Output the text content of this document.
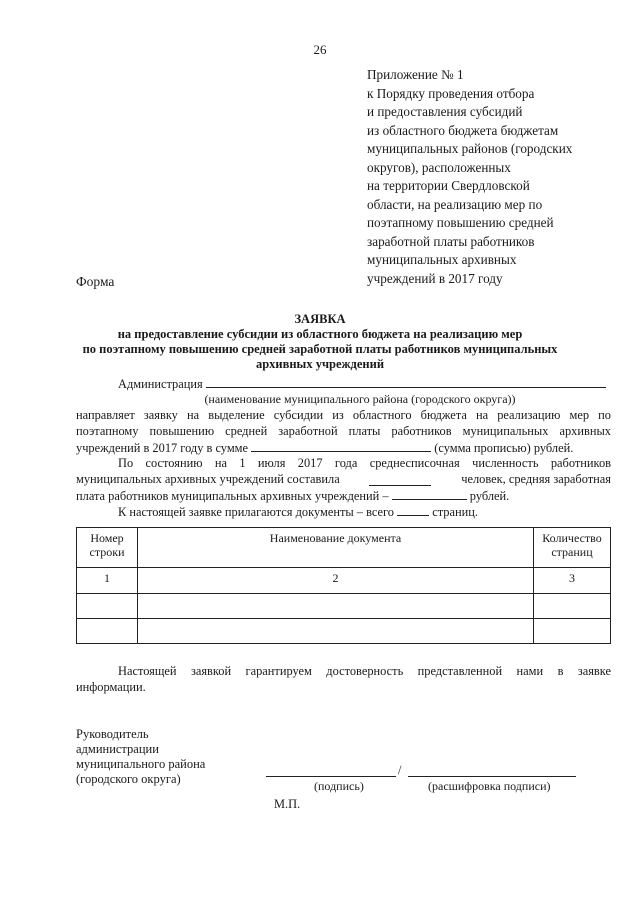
26
Приложение № 1
к Порядку проведения отбора
и предоставления субсидий
из областного бюджета бюджетам
муниципальных районов (городских
округов), расположенных
на территории Свердловской
области, на реализацию мер по
поэтапному повышению средней
заработной платы работников
муниципальных архивных
учреждений в 2017 году
Форма
ЗАЯВКА
на предоставление субсидии из областного бюджета на реализацию мер
по поэтапному повышению средней заработной платы работников муниципальных
архивных учреждений
Администрация
(наименование муниципального района (городского округа))
направляет заявку на выделение субсидии из областного бюджета на реализацию мер по
поэтапному повышению средней заработной платы работников муниципальных архивных
учреждений в 2017 году в сумме	(сумма прописью) рублей.
По состоянию на 1 июля 2017 года среднесписочная численность работников
муниципальных архивных учреждений составила	человек, средняя заработная
плата работников муниципальных архивных учреждений –	рублей.
К настоящей заявке прилагаются документы – всего	страниц.
Номер строки	Наименование документа	Количество страниц
1	2	3

Настоящей заявкой гарантируем достоверность представленной нами в заявке
информации.
Руководитель
администрации
муниципального района
(городского округа)
/
(подпись)	(расшифровка подписи)
М.П.
